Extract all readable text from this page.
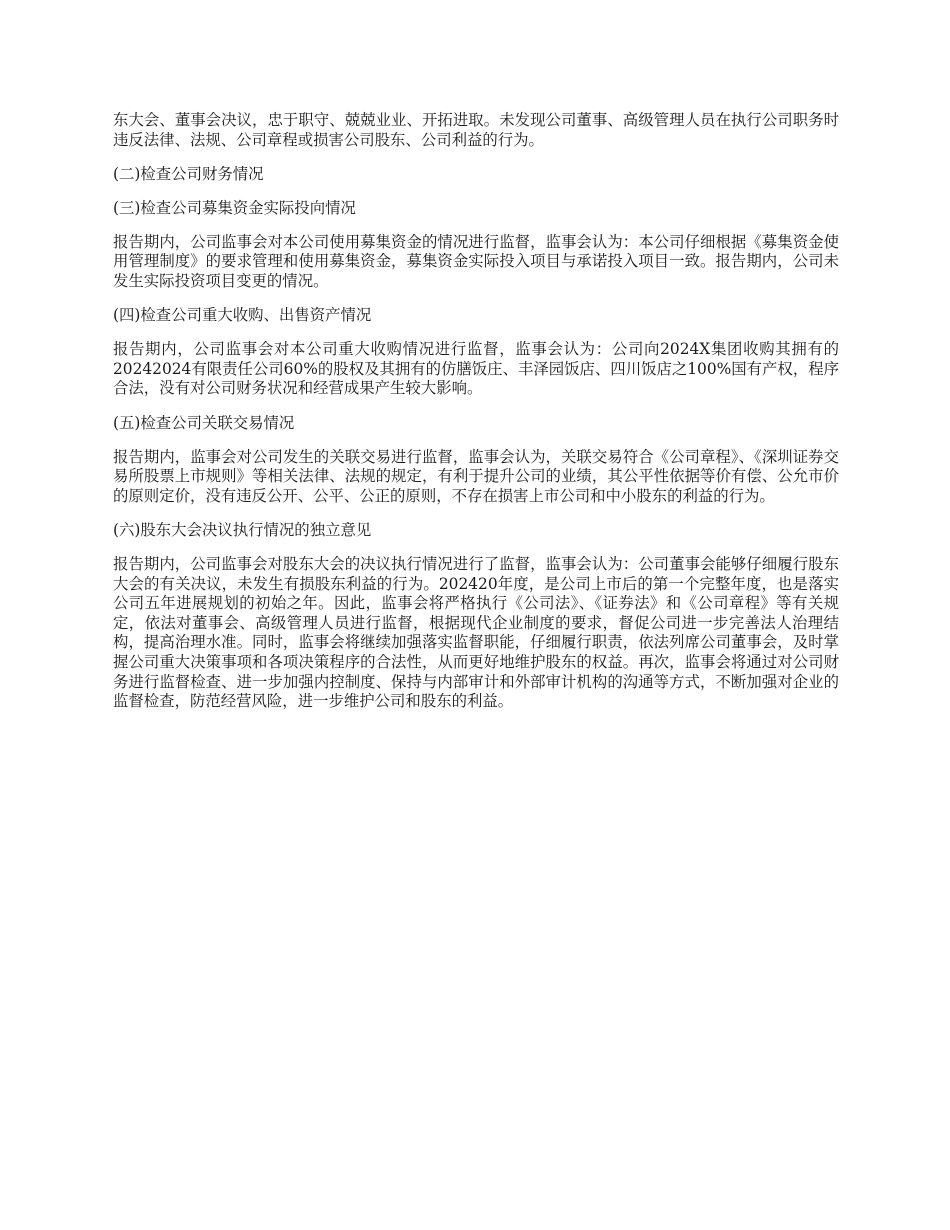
东大会、董事会决议，忠于职守、兢兢业业、开拓进取。未发现公司董事、高级管理人员在执行公司职务时违反法律、法规、公司章程或损害公司股东、公司利益的行为。

(二)检查公司财务情况

(三)检查公司募集资金实际投向情况

报告期内，公司监事会对本公司使用募集资金的情况进行监督，监事会认为：本公司仔细根据《募集资金使用管理制度》的要求管理和使用募集资金，募集资金实际投入项目与承诺投入项目一致。报告期内，公司未发生实际投资项目变更的情况。

(四)检查公司重大收购、出售资产情况

报告期内，公司监事会对本公司重大收购情况进行监督，监事会认为：公司向2024X集团收购其拥有的20242024有限责任公司60%的股权及其拥有的仿膳饭庄、丰泽园饭店、四川饭店之100%国有产权，程序合法，没有对公司财务状况和经营成果产生较大影响。

(五)检查公司关联交易情况

报告期内，监事会对公司发生的关联交易进行监督，监事会认为，关联交易符合《公司章程》、《深圳证券交易所股票上市规则》等相关法律、法规的规定，有利于提升公司的业绩，其公平性依据等价有偿、公允市价的原则定价，没有违反公开、公平、公正的原则，不存在损害上市公司和中小股东的利益的行为。

(六)股东大会决议执行情况的独立意见

报告期内，公司监事会对股东大会的决议执行情况进行了监督，监事会认为：公司董事会能够仔细履行股东大会的有关决议，未发生有损股东利益的行为。202420年度，是公司上市后的第一个完整年度，也是落实公司五年进展规划的初始之年。因此，监事会将严格执行《公司法》、《证券法》和《公司章程》等有关规定，依法对董事会、高级管理人员进行监督，根据现代企业制度的要求，督促公司进一步完善法人治理结构，提高治理水准。同时，监事会将继续加强落实监督职能，仔细履行职责，依法列席公司董事会，及时掌握公司重大决策事项和各项决策程序的合法性，从而更好地维护股东的权益。再次，监事会将通过对公司财务进行监督检查、进一步加强内控制度、保持与内部审计和外部审计机构的沟通等方式，不断加强对企业的监督检查，防范经营风险，进一步维护公司和股东的利益。
